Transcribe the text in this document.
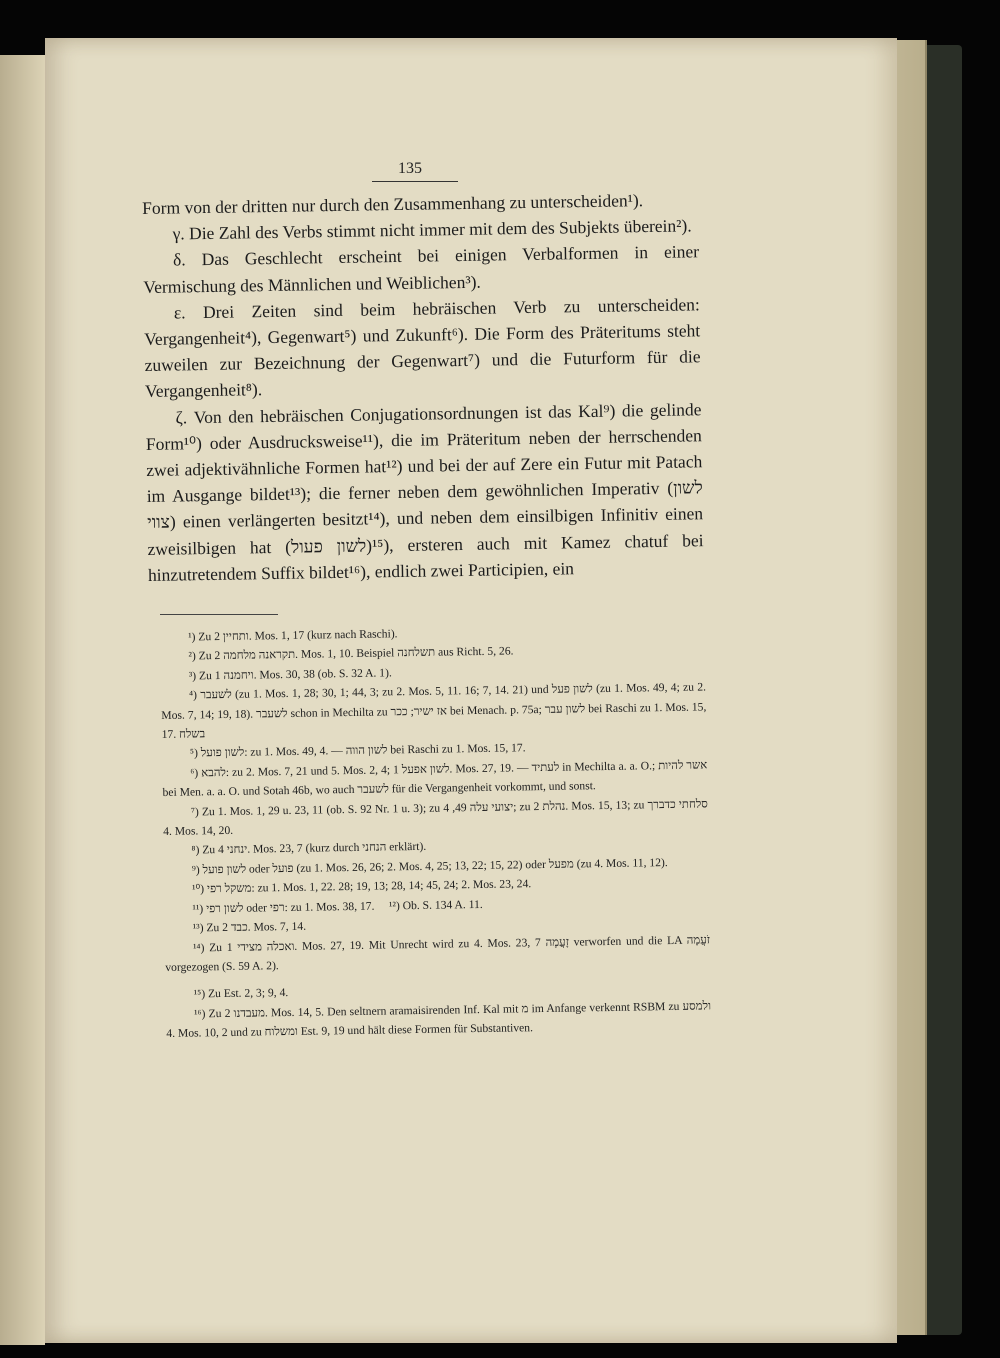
135

Form von der dritten nur durch den Zusammenhang zu unterscheiden¹).

γ. Die Zahl des Verbs stimmt nicht immer mit dem des Subjekts überein²).

δ. Das Geschlecht erscheint bei einigen Verbalformen in einer Vermischung des Männlichen und Weiblichen³).

ε. Drei Zeiten sind beim hebräischen Verb zu unterscheiden: Vergangenheit⁴), Gegenwart⁵) und Zukunft⁶). Die Form des Präteritums steht zuweilen zur Bezeichnung der Gegenwart⁷) und die Futurform für die Vergangenheit⁸).

ζ. Von den hebräischen Conjugationsordnungen ist das Kal⁹) die gelinde Form¹⁰) oder Ausdrucksweise¹¹), die im Präteritum neben der herrschenden zwei adjektivähnliche Formen hat¹²) und bei der auf Zere ein Futur mit Patach im Ausgange bildet¹³); die ferner neben dem gewöhnlichen Imperativ (לשון צווי) einen verlängerten besitzt¹⁴), und neben dem einsilbigen Infinitiv einen zweisilbigen hat (לשון פעול)¹⁵), ersteren auch mit Kamez chatuf bei hinzutretendem Suffix bildet¹⁶), endlich zwei Participien, ein

¹) Zu ותחיין 2. Mos. 1, 17 (kurz nach Raschi).

²) Zu תקראנה מלחמה 2. Mos. 1, 10. Beispiel תשלחנה aus Richt. 5, 26.

³) Zu ויחמנה 1. Mos. 30, 38 (ob. S. 32 A. 1).

⁴) לשעבר (zu 1. Mos. 1, 28; 30, 1; 44, 3; zu 2. Mos. 5, 11. 16; 7, 14. 21) und לשון פעל (zu 1. Mos. 49, 4; zu 2. Mos. 7, 14; 19, 18). לשעבר schon in Mechilta zu אז ישיר; ככר bei Menach. p. 75a; לשון עבר bei Raschi zu 1. Mos. 15, 17. בשלח

⁵) לשון פועל: zu 1. Mos. 49, 4. — לשון הווה bei Raschi zu 1. Mos. 15, 17.

⁶) להבא: zu 2. Mos. 7, 21 und 5. Mos. 2, 4; לשון אפעל 1. Mos. 27, 19. — לעתיד in Mechilta a. a. O.; אשר להיות bei Men. a. a. O. und Sotah 46b, wo auch לשעבר für die Vergangenheit vorkommt, und sonst.

⁷) Zu 1. Mos. 1, 29 u. 23, 11 (ob. S. 92 Nr. 1 u. 3); zu יצועי עלה 49, 4; zu נהלת 2. Mos. 15, 13; zu סלחתי כדברך 4. Mos. 14, 20.

⁸) Zu ינחני 4. Mos. 23, 7 (kurz durch הנחני erklärt).

⁹) לשון פועל oder פועל (zu 1. Mos. 26, 26; 2. Mos. 4, 25; 13, 22; 15, 22) oder מפעל (zu 4. Mos. 11, 12).

¹⁰) משקל רפי: zu 1. Mos. 1, 22. 28; 19, 13; 28, 14; 45, 24; 2. Mos. 23, 24.

¹¹) לשון רפי oder רפי: zu 1. Mos. 38, 17.     ¹²) Ob. S. 134 A. 11.

¹³) Zu כבד 2. Mos. 7, 14.

¹⁴) Zu ואכלה מצידי 1. Mos. 27, 19. Mit Unrecht wird zu 4. Mos. 23, 7 זָעֲמָה verworfen und die LA זֹעֲמָה vorgezogen (S. 59 A. 2).

¹⁵) Zu Est. 2, 3; 9, 4.

¹⁶) Zu מעבדנו 2. Mos. 14, 5. Den seltnern aramaisirenden Inf. Kal mit מ im Anfange verkennt RSBM zu ולמסע 4. Mos. 10, 2 und zu ומשלוח Est. 9, 19 und hält diese Formen für Substantiven.
